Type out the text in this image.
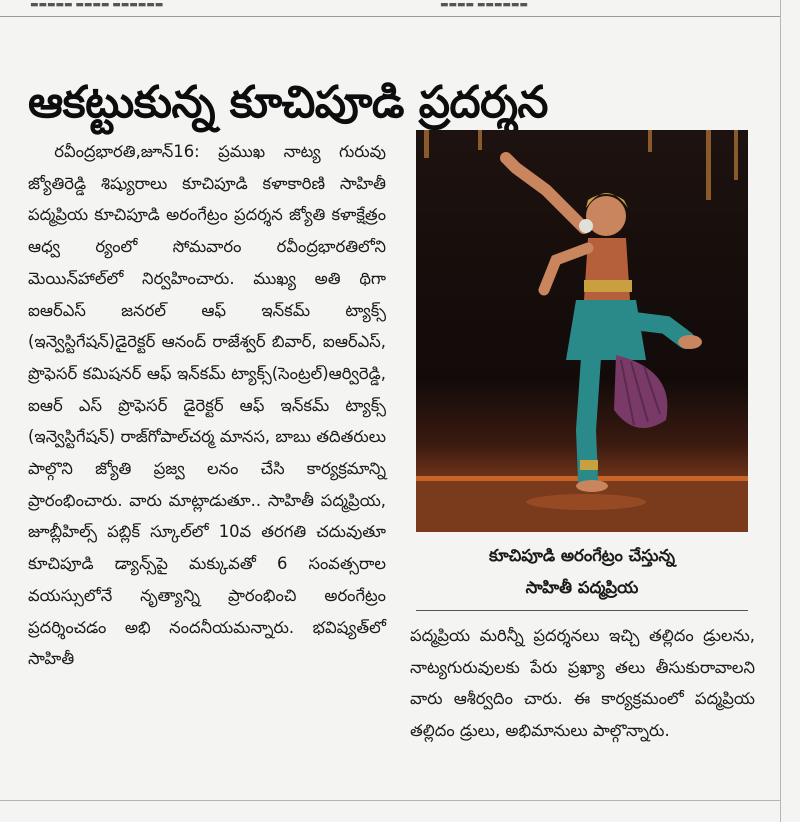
▬▬▬▬▬ ▬▬▬▬ ▬▬▬▬▬▬	▬▬▬▬ ▬▬▬▬▬▬
ఆకట్టుకున్న కూచిపూడి ప్రదర్శన

రవీంద్రభారతి,జూన్16: ప్రముఖ నాట్య గురువు జ్యోతిరెడ్డి శిష్యురాలు కూచిపూడి కళాకారిణి సాహితీ పద్మప్రియ కూచిపూడి అరంగేట్రం ప్రదర్శన జ్యోతి కళాక్షేత్రం ఆధ్వ ర్యంలో సోమవారం రవీంద్రభారతిలోని మెయిన్‌హాల్‌లో నిర్వహించారు. ముఖ్య అతి థిగా ఐఆర్ఎస్ జనరల్ ఆఫ్ ఇన్‌కమ్ ట్యాక్స్ (ఇన్వెస్టిగేషన్)డైరెక్టర్ ఆనంద్ రాజేశ్వర్ బివార్, ఐఆర్ఎస్, ప్రొఫెసర్ కమిషనర్ ఆఫ్ ఇన్‌కమ్ ట్యాక్స్(సెంట్రల్)ఆర్విరెడ్డి, ఐఆర్ ఎస్ ప్రొఫెసర్ డైరెక్టర్ ఆఫ్ ఇన్‌కమ్ ట్యాక్స్ (ఇన్వెస్టిగేషన్) రాజ్‌గోపాల్‌చర్మ మానస, బాబు తదితరులు పాల్గొని జ్యోతి ప్రజ్వ లనం చేసి కార్యక్రమాన్ని ప్రారంభించారు. వారు మాట్లాడుతూ.. సాహితీ పద్మప్రియ, జూబ్లీహిల్స్ పబ్లిక్ స్కూల్‌లో 10వ తరగతి చదువుతూ కూచిపూడి డ్యాన్స్‌పై మక్కువతో 6 సంవత్సరాల వయస్సులోనే నృత్యాన్ని ప్రారంభించి అరంగేట్రం ప్రదర్శించడం అభి నందనీయమన్నారు. భవిష్యత్‌లో సాహితీ

కూచిపూడి అరంగేట్రం చేస్తున్న
సాహితీ పద్మప్రియ

పద్మప్రియ మరిన్నీ ప్రదర్శనలు ఇచ్చి తల్లిదం డ్రులను, నాట్యగురువులకు పేరు ప్రఖ్యా తలు తీసుకురావాలని వారు ఆశీర్వదిం చారు. ఈ కార్యక్రమంలో పద్మప్రియ తల్లిదం డ్రులు, అభిమానులు పాల్గొన్నారు.
